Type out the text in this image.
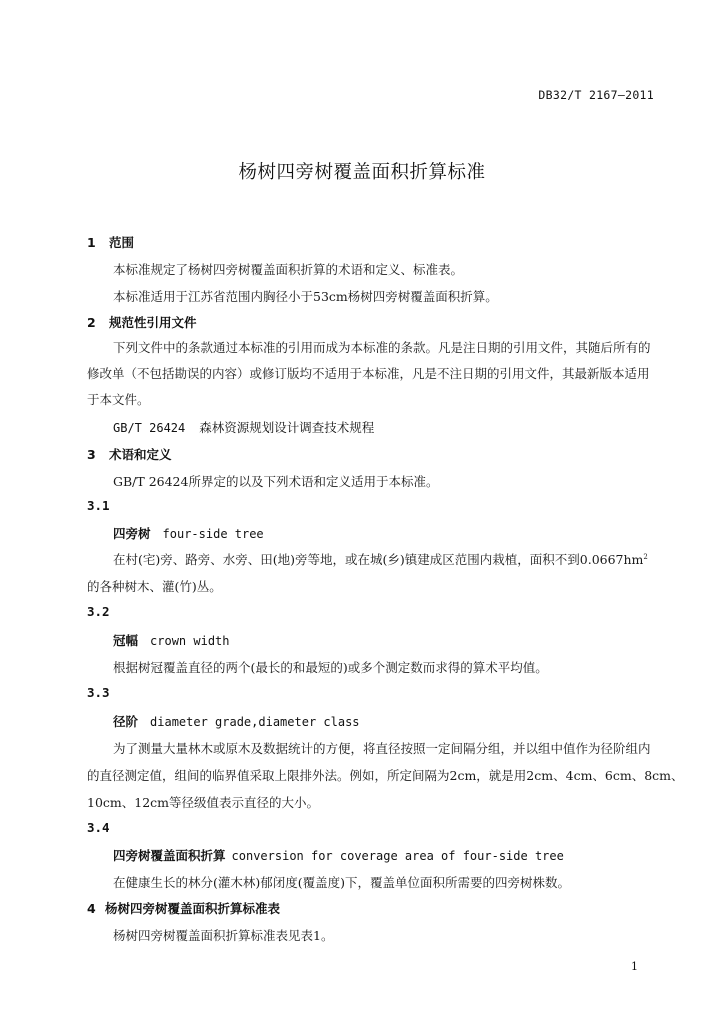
DB32/T 2167—2011
杨树四旁树覆盖面积折算标准
1 范围
本标准规定了杨树四旁树覆盖面积折算的术语和定义、标准表。
本标准适用于江苏省范围内胸径小于53cm杨树四旁树覆盖面积折算。
2 规范性引用文件
下列文件中的条款通过本标准的引用而成为本标准的条款。凡是注日期的引用文件，其随后所有的
修改单（不包括勘误的内容）或修订版均不适用于本标准，凡是不注日期的引用文件，其最新版本适用
于本文件。
GB/T 26424 森林资源规划设计调查技术规程
3 术语和定义
GB/T 26424所界定的以及下列术语和定义适用于本标准。
3.1
四旁树 four-side tree
在村(宅)旁、路旁、水旁、田(地)旁等地，或在城(乡)镇建成区范围内栽植，面积不到$0.0667hm^2$
的各种树木、灌(竹)丛。
3.2
冠幅 crown width
根据树冠覆盖直径的两个(最长的和最短的)或多个测定数而求得的算术平均值。
3.3
径阶 diameter grade,diameter class
为了测量大量林木或原木及数据统计的方便，将直径按照一定间隔分组，并以组中值作为径阶组内
的直径测定值，组间的临界值采取上限排外法。例如，所定间隔为2cm，就是用2cm、4cm、6cm、8cm、
10cm、12cm等径级值表示直径的大小。
3.4
四旁树覆盖面积折算 conversion for coverage area of four-side tree
在健康生长的林分(灌木林)郁闭度(覆盖度)下，覆盖单位面积所需要的四旁树株数。
4 杨树四旁树覆盖面积折算标准表
杨树四旁树覆盖面积折算标准表见表1。
1
